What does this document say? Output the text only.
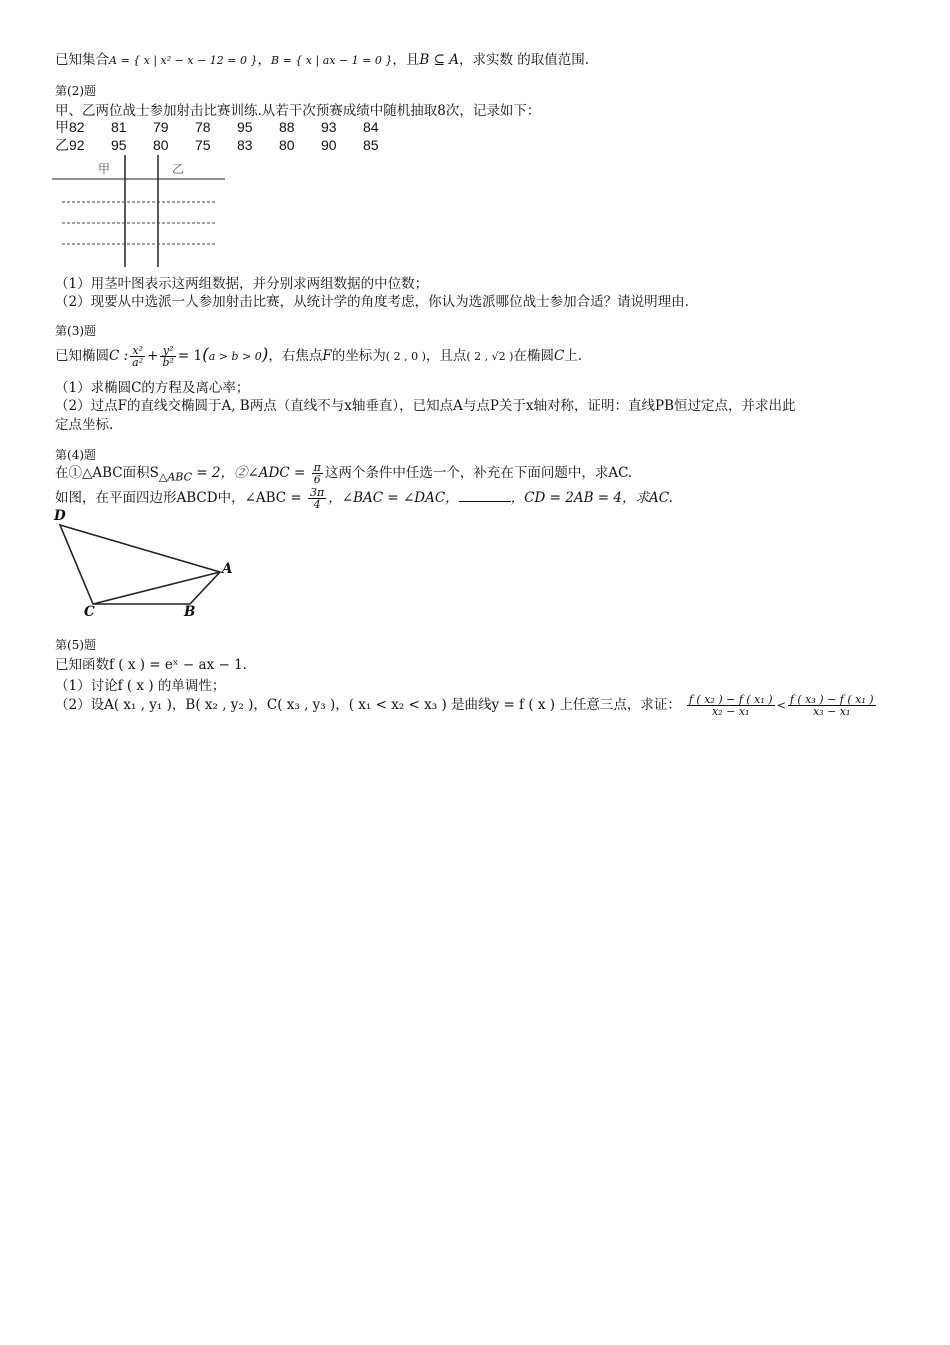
已知集合A = { x | x² − x − 12 = 0 }，B = { x | ax − 1 = 0 }，且B ⊆ A，求实数 的取值范围.
第(2)题
甲、乙两位战士参加射击比赛训练.从若干次预赛成绩中随机抽取8次，记录如下：
甲82 81 79 78 95 88 93 84
乙92 95 80 75 83 80 90 85
甲	乙
（1）用茎叶图表示这两组数据，并分别求两组数据的中位数；
（2）现要从中选派一人参加射击比赛，从统计学的角度考虑，你认为选派哪位战士参加合适？请说明理由.
第(3)题
已知椭圆C : $\frac{\text{x²}}{\text{a²}} + \frac{\text{y²}}{\text{b²}} = 1(a > b > 0)$，右焦点F的坐标为( 2 , 0 )，且点( 2 , √2 )在椭圆C上.
（1）求椭圆C的方程及离心率；
（2）过点F的直线交椭圆于A, B两点（直线不与x轴垂直），已知点A与点P关于x轴对称，证明：直线PB恒过定点，并求出此
定点坐标.
第(4)题
在①△ABC面积$S_{\triangle ABC} = 2$，②∠ADC = $\frac{\pi}{6}$ 这两个条件中任选一个，补充在下面问题中，求AC.
如图，在平面四边形ABCD中，∠ABC = $\frac{3\pi}{4}$ ，∠BAC = ∠DAC，	，CD = 2AB = 4，求AC.
D
A
C	B
第(5)题
已知函数f ( x ) = eˣ − ax − 1.
（1）讨论f ( x ) 的单调性；
（2）设A( x₁ , y₁ )，B( x₂ , y₂ )，C( x₃ , y₃ )，( x₁ < x₂ < x₃ ) 是曲线y = f ( x ) 上任意三点，求证： $\frac{\text{f ( x₂ ) − f ( x₁ )}}{\text{x₂ − x₁}} < \frac{\text{f ( x₃ ) − f ( x₁ )}}{\text{x₃ − x₁}}$
